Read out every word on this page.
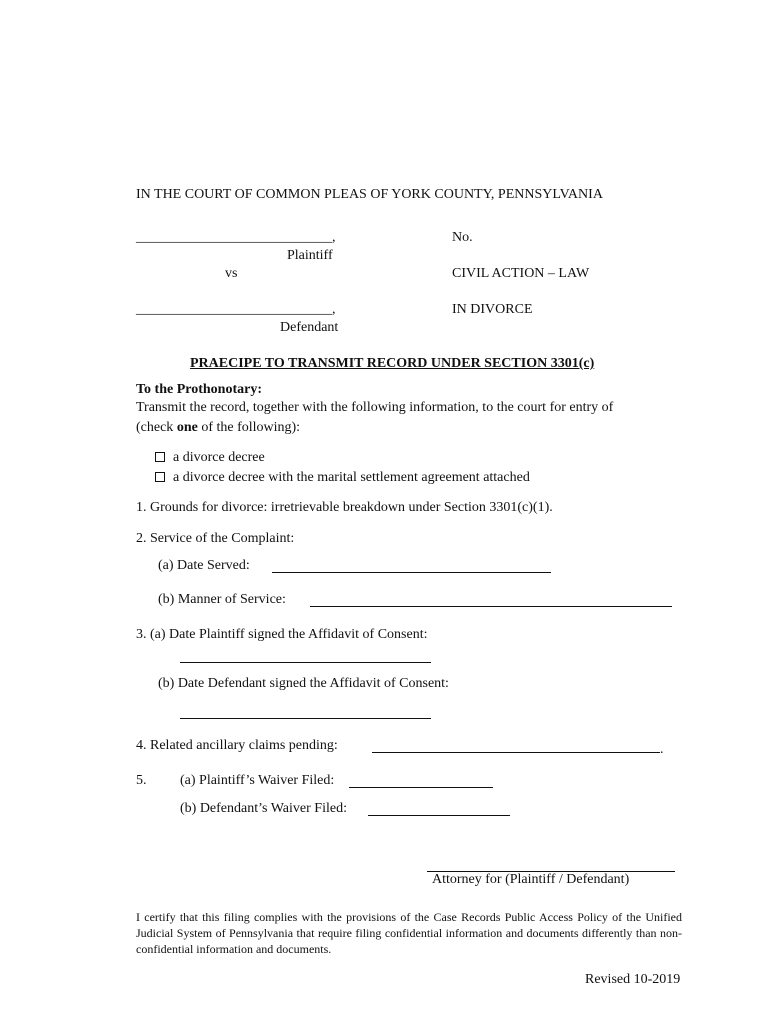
IN THE COURT OF COMMON PLEAS OF YORK COUNTY, PENNSYLVANIA
____________________________,
Plaintiff
vs
____________________________,
Defendant
No.
CIVIL ACTION – LAW
IN DIVORCE
PRAECIPE TO TRANSMIT RECORD UNDER SECTION 3301(c)
To the Prothonotary:
Transmit the record, together with the following information, to the court for entry of
(check one of the following):
a divorce decree
a divorce decree with the marital settlement agreement attached
1. Grounds for divorce: irretrievable breakdown under Section 3301(c)(1).
2. Service of the Complaint:
(a) Date Served:
(b) Manner of Service:
3. (a) Date Plaintiff signed the Affidavit of Consent:
(b) Date Defendant signed the Affidavit of Consent:
4. Related ancillary claims pending:	.
5. (a) Plaintiff’s Waiver Filed:
(b) Defendant’s Waiver Filed:
Attorney for (Plaintiff / Defendant)
I certify that this filing complies with the provisions of the Case Records Public Access Policy of the Unified Judicial System of Pennsylvania that require filing confidential information and documents differently than non-confidential information and documents.
Revised 10-2019
